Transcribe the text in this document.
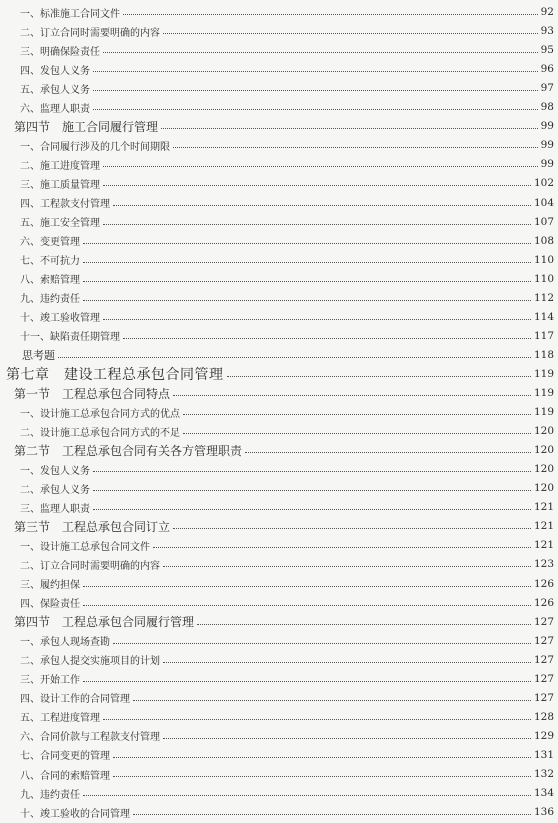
一、标准施工合同文件	92
二、订立合同时需要明确的内容	93
三、明确保险责任	95
四、发包人义务	96
五、承包人义务	97
六、监理人职责	98
第四节　施工合同履行管理	99
一、合同履行涉及的几个时间期限	99
二、施工进度管理	99
三、施工质量管理	102
四、工程款支付管理	104
五、施工安全管理	107
六、变更管理	108
七、不可抗力	110
八、索赔管理	110
九、违约责任	112
十、竣工验收管理	114
十一、缺陷责任期管理	117
思考题	118
第七章　建设工程总承包合同管理	119
第一节　工程总承包合同特点	119
一、设计施工总承包合同方式的优点	119
二、设计施工总承包合同方式的不足	120
第二节　工程总承包合同有关各方管理职责	120
一、发包人义务	120
二、承包人义务	120
三、监理人职责	121
第三节　工程总承包合同订立	121
一、设计施工总承包合同文件	121
二、订立合同时需要明确的内容	123
三、履约担保	126
四、保险责任	126
第四节　工程总承包合同履行管理	127
一、承包人现场查勘	127
二、承包人提交实施项目的计划	127
三、开始工作	127
四、设计工作的合同管理	127
五、工程进度管理	128
六、合同价款与工程款支付管理	129
七、合同变更的管理	131
八、合同的索赔管理	132
九、违约责任	134
十、竣工验收的合同管理	136
